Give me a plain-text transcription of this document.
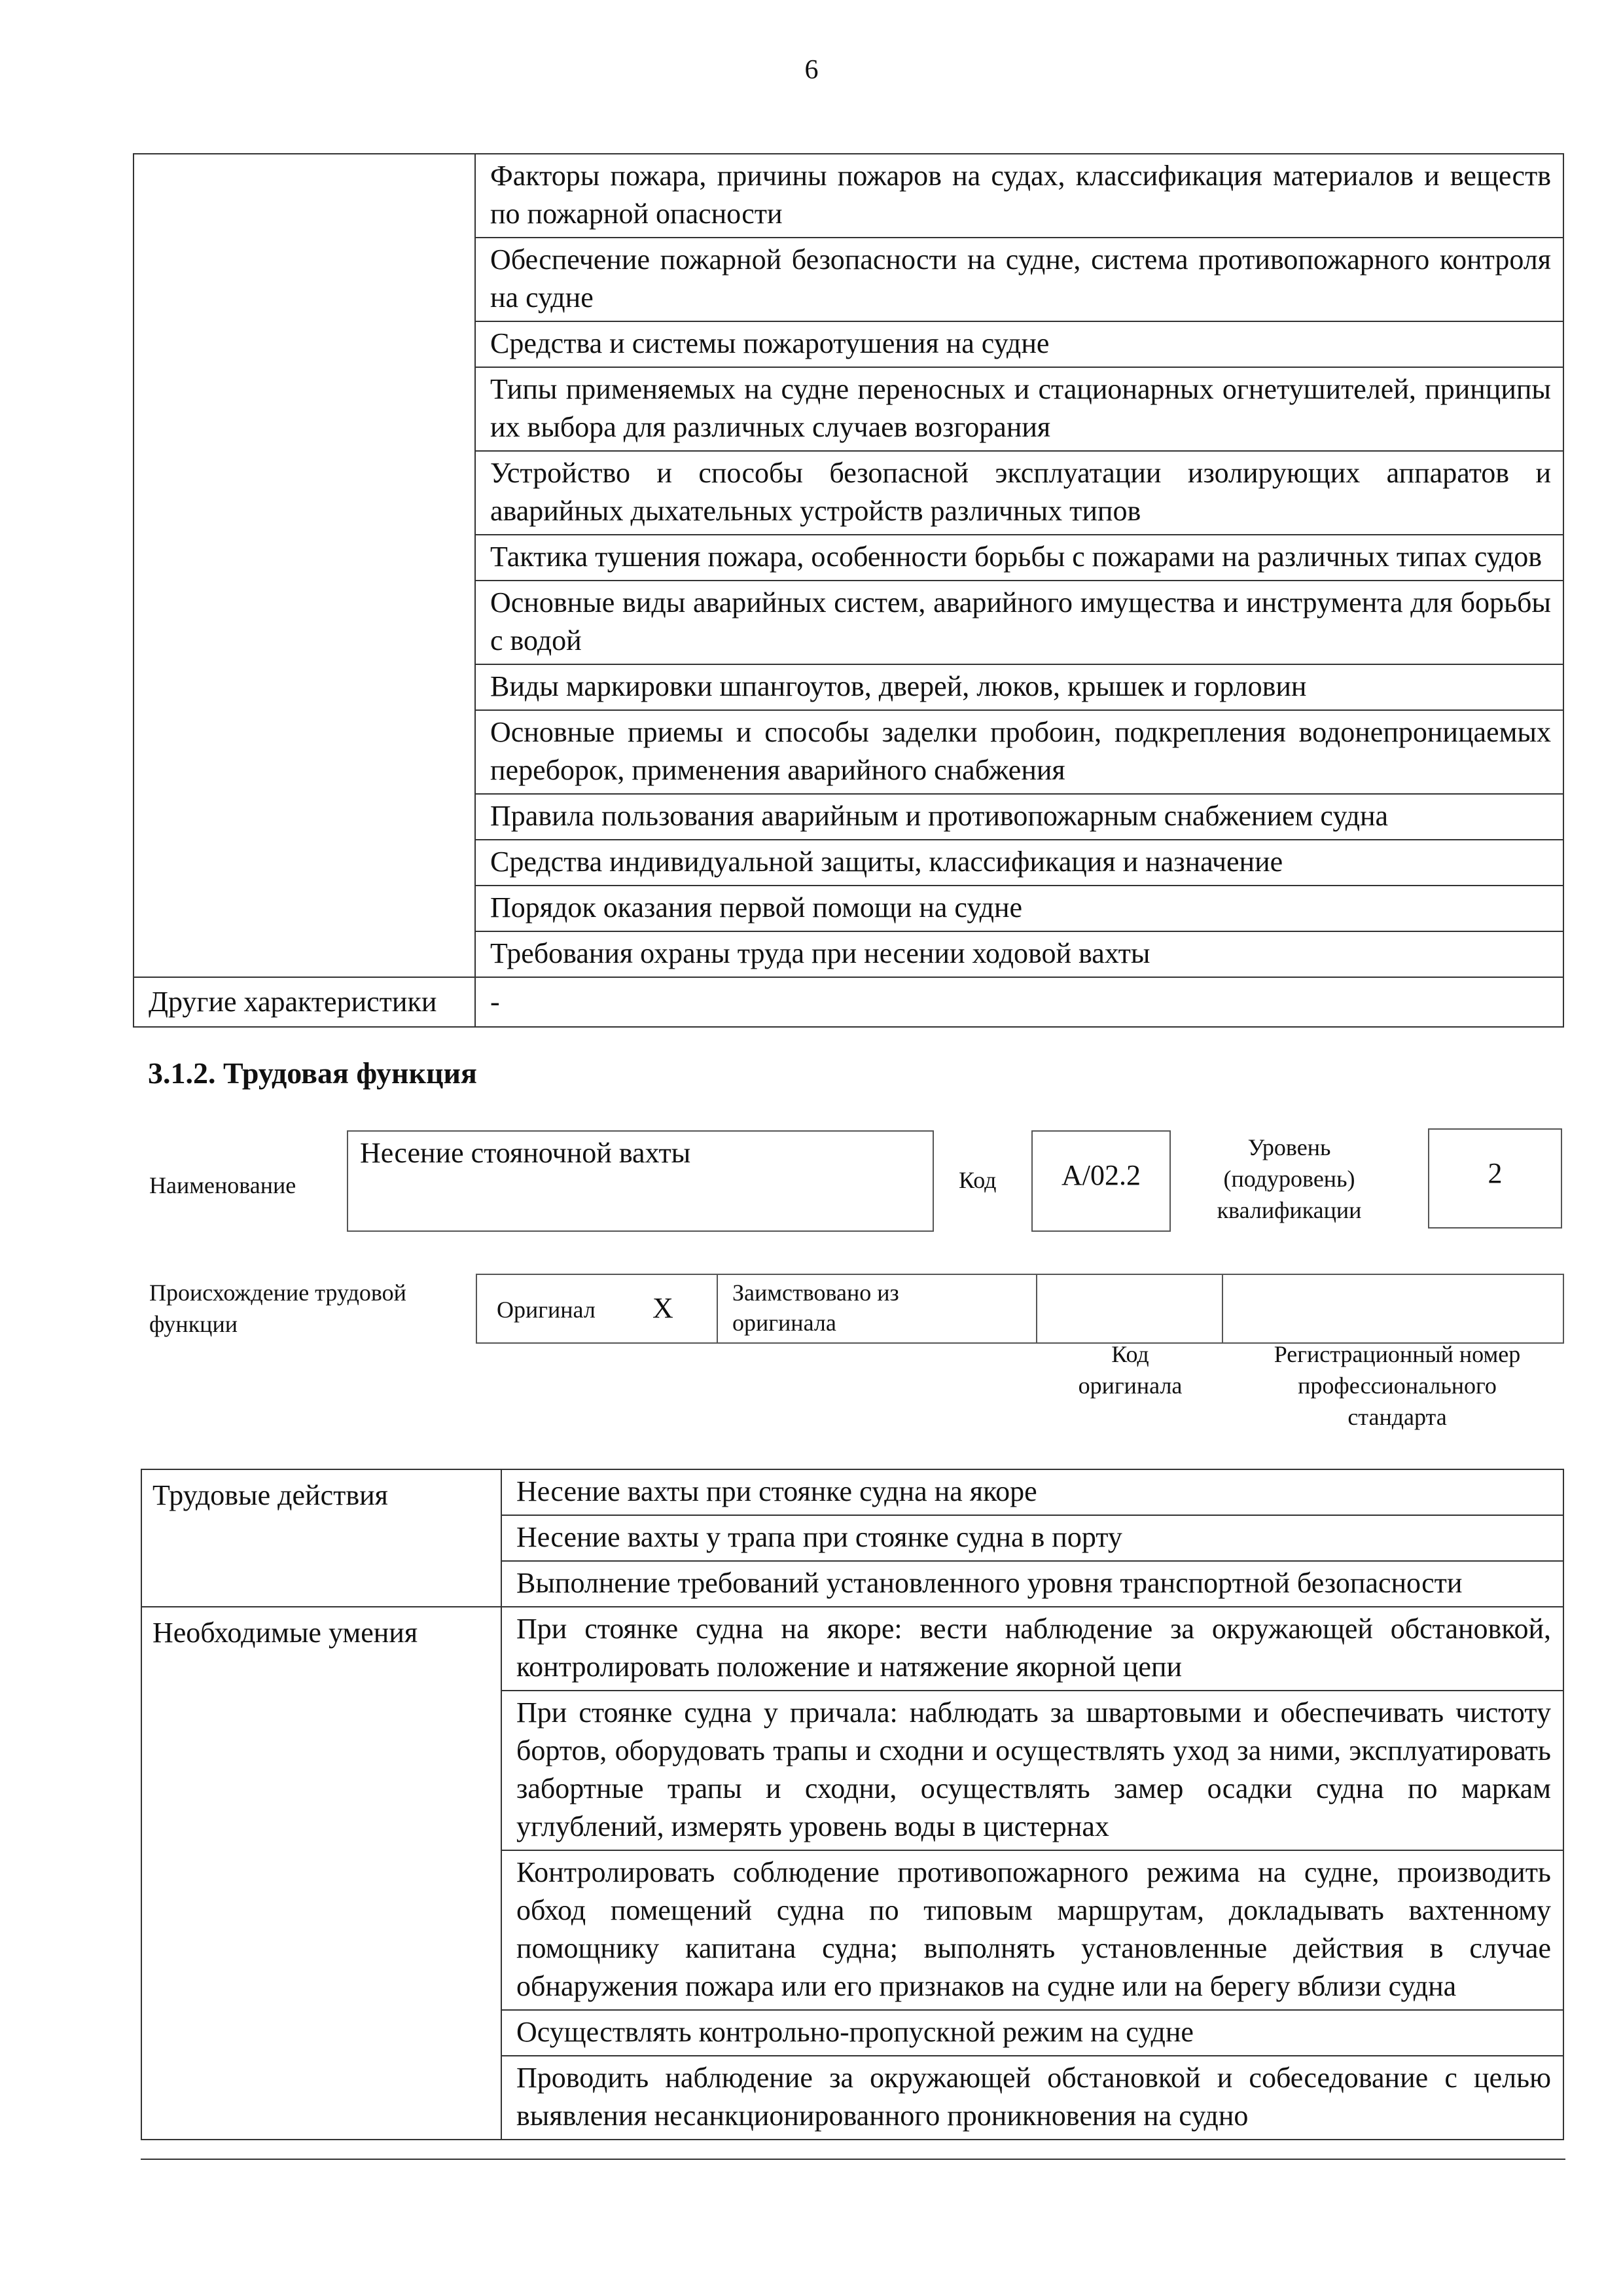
6
	Факторы пожара, причины пожаров на судах, классификация материалов и веществ по пожарной опасности
	Обеспечение пожарной безопасности на судне, система противопожарного контроля на судне
	Средства и системы пожаротушения на судне
	Типы применяемых на судне переносных и стационарных огнетушителей, принципы их выбора для различных случаев возгорания
	Устройство и способы безопасной эксплуатации изолирующих аппаратов и аварийных дыхательных устройств различных типов
	Тактика тушения пожара, особенности борьбы с пожарами на различных типах судов
	Основные виды аварийных систем, аварийного имущества и инструмента для борьбы с водой
	Виды маркировки шпангоутов, дверей, люков, крышек и горловин
	Основные приемы и способы заделки пробоин, подкрепления водонепроницаемых переборок, применения аварийного снабжения
	Правила пользования аварийным и противопожарным снабжением судна
	Средства индивидуальной защиты, классификация и назначение
	Порядок оказания первой помощи на судне
	Требования охраны труда при несении ходовой вахты
Другие характеристики	-
3.1.2. Трудовая функция
Наименование
Несение стояночной вахты
Код	A/02.2
Уровень
(подуровень)
квалификации
2
Происхождение трудовой
функции
Оригинал X	Заимствовано из
оригинала
Код
оригинала
Регистрационный номер
профессионального
стандарта
Трудовые действия	Несение вахты при стоянке судна на якоре
	Несение вахты у трапа при стоянке судна в порту
	Выполнение требований установленного уровня транспортной безопасности
Необходимые умения	При стоянке судна на якоре: вести наблюдение за окружающей обстановкой, контролировать положение и натяжение якорной цепи
	При стоянке судна у причала: наблюдать за швартовыми и обеспечивать чистоту бортов, оборудовать трапы и сходни и осуществлять уход за ними, эксплуатировать забортные трапы и сходни, осуществлять замер осадки судна по маркам углублений, измерять уровень воды в цистернах
	Контролировать соблюдение противопожарного режима на судне, производить обход помещений судна по типовым маршрутам, докладывать вахтенному помощнику капитана судна; выполнять установленные действия в случае обнаружения пожара или его признаков на судне или на берегу вблизи судна
	Осуществлять контрольно-пропускной режим на судне
	Проводить наблюдение за окружающей обстановкой и собеседование с целью выявления несанкционированного проникновения на судно
